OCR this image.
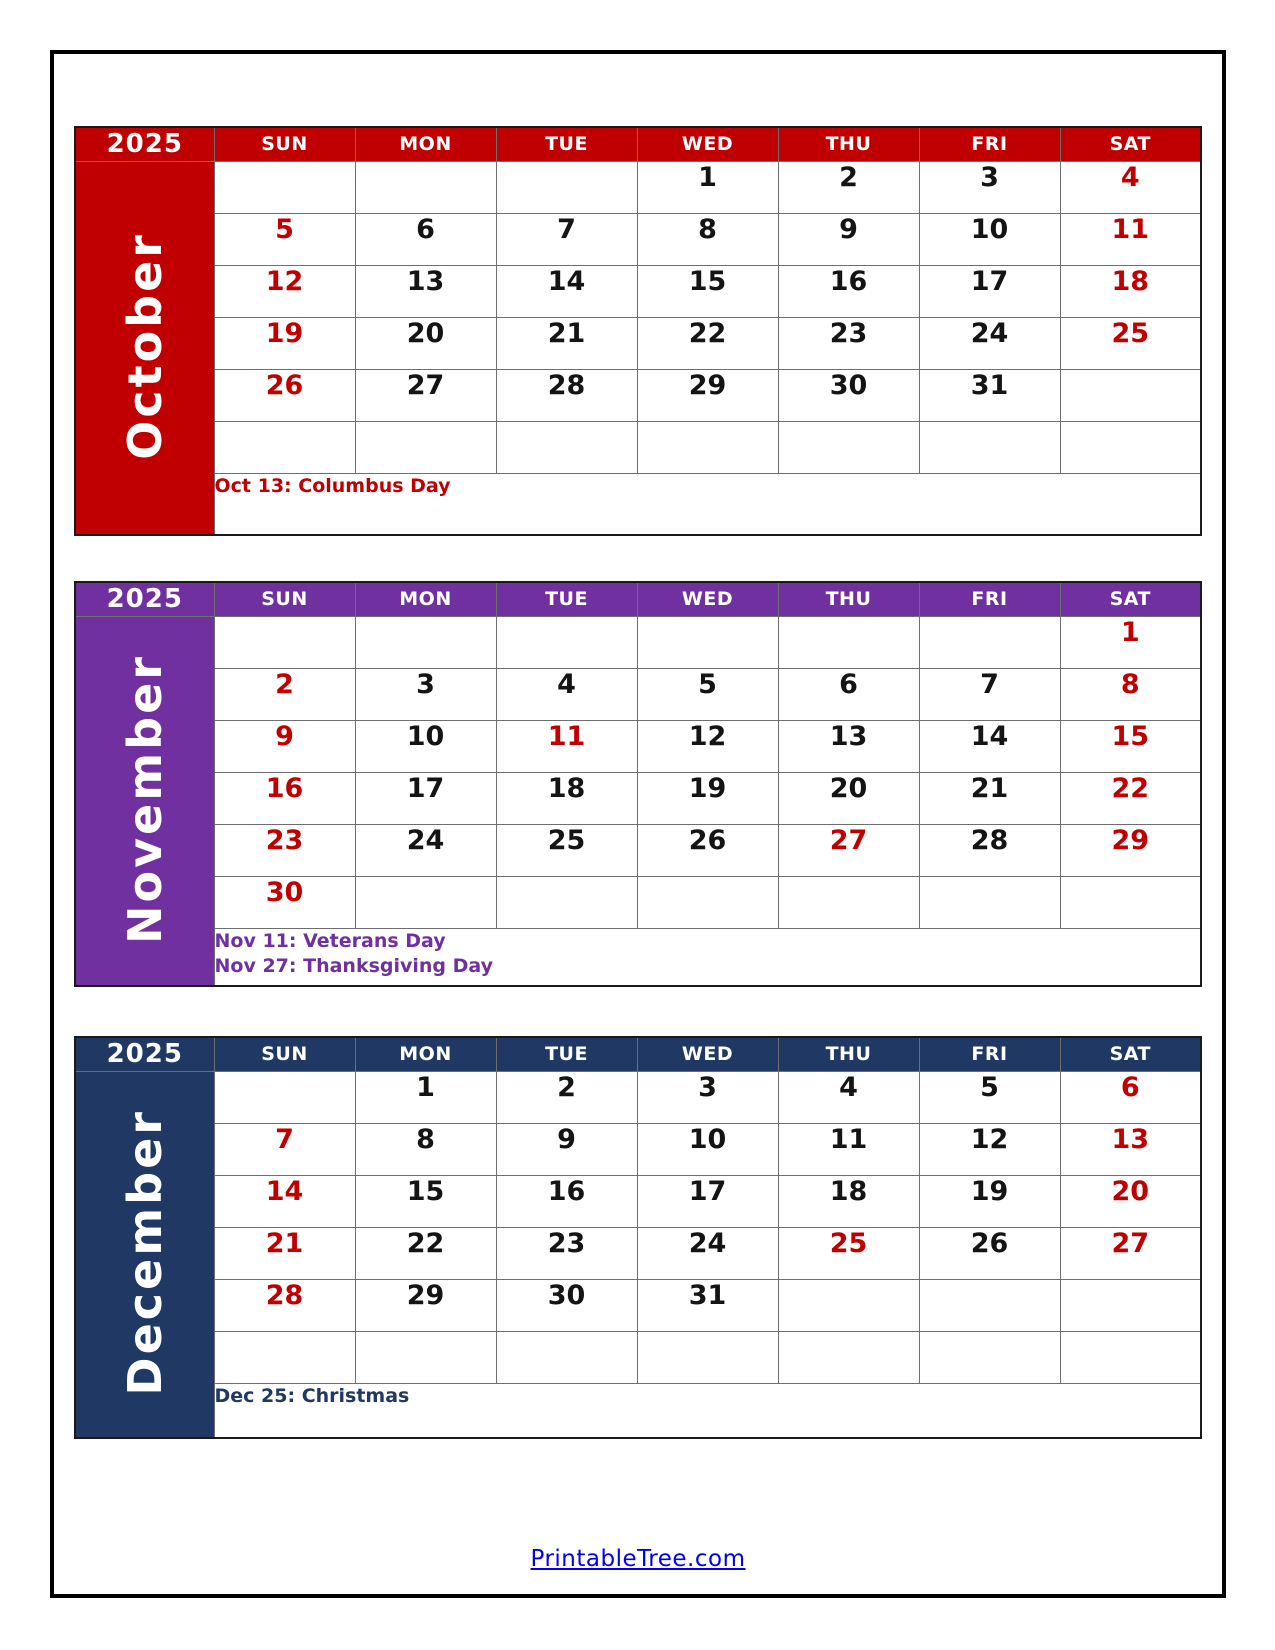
2025	SUN	MON	TUE	WED	THU	FRI	SAT
October				1	2	3	4
	5	6	7	8	9	10	11
	12	13	14	15	16	17	18
	19	20	21	22	23	24	25
	26	27	28	29	30	31	

	Oct 13: Columbus Day						
2025	SUN	MON	TUE	WED	THU	FRI	SAT
November							1
	2	3	4	5	6	7	8
	9	10	11	12	13	14	15
	16	17	18	19	20	21	22
	23	24	25	26	27	28	29
	30						

	Nov 11: Veterans Day
Nov 27: Thanksgiving Day						
2025	SUN	MON	TUE	WED	THU	FRI	SAT
December		1	2	3	4	5	6
	7	8	9	10	11	12	13
	14	15	16	17	18	19	20
	21	22	23	24	25	26	27
	28	29	30	31			

	Dec 25: Christmas						
PrintableTree.com
